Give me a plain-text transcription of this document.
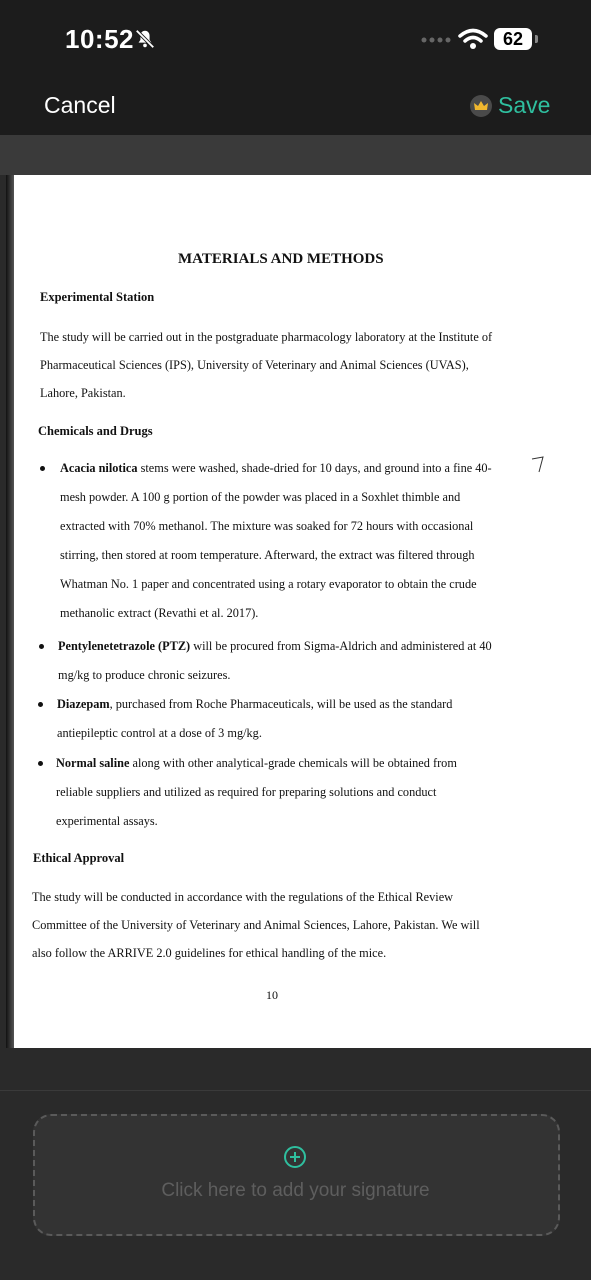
10:52	62
Cancel	Save
MATERIALS AND METHODS
Experimental Station
The study will be carried out in the postgraduate pharmacology laboratory at the Institute of
Pharmaceutical Sciences (IPS), University of Veterinary and Animal Sciences (UVAS),
Lahore, Pakistan.
Chemicals and Drugs
Acacia nilotica stems were washed, shade-dried for 10 days, and ground into a fine 40-
mesh powder. A 100 g portion of the powder was placed in a Soxhlet thimble and
extracted with 70% methanol. The mixture was soaked for 72 hours with occasional
stirring, then stored at room temperature. Afterward, the extract was filtered through
Whatman No. 1 paper and concentrated using a rotary evaporator to obtain the crude
methanolic extract (Revathi et al. 2017).
Pentylenetetrazole (PTZ) will be procured from Sigma-Aldrich and administered at 40
mg/kg to produce chronic seizures.
Diazepam, purchased from Roche Pharmaceuticals, will be used as the standard
antiepileptic control at a dose of 3 mg/kg.
Normal saline along with other analytical-grade chemicals will be obtained from
reliable suppliers and utilized as required for preparing solutions and conduct
experimental assays.
Ethical Approval
The study will be conducted in accordance with the regulations of the Ethical Review
Committee of the University of Veterinary and Animal Sciences, Lahore, Pakistan. We will
also follow the ARRIVE 2.0 guidelines for ethical handling of the mice.
10
Click here to add your signature
